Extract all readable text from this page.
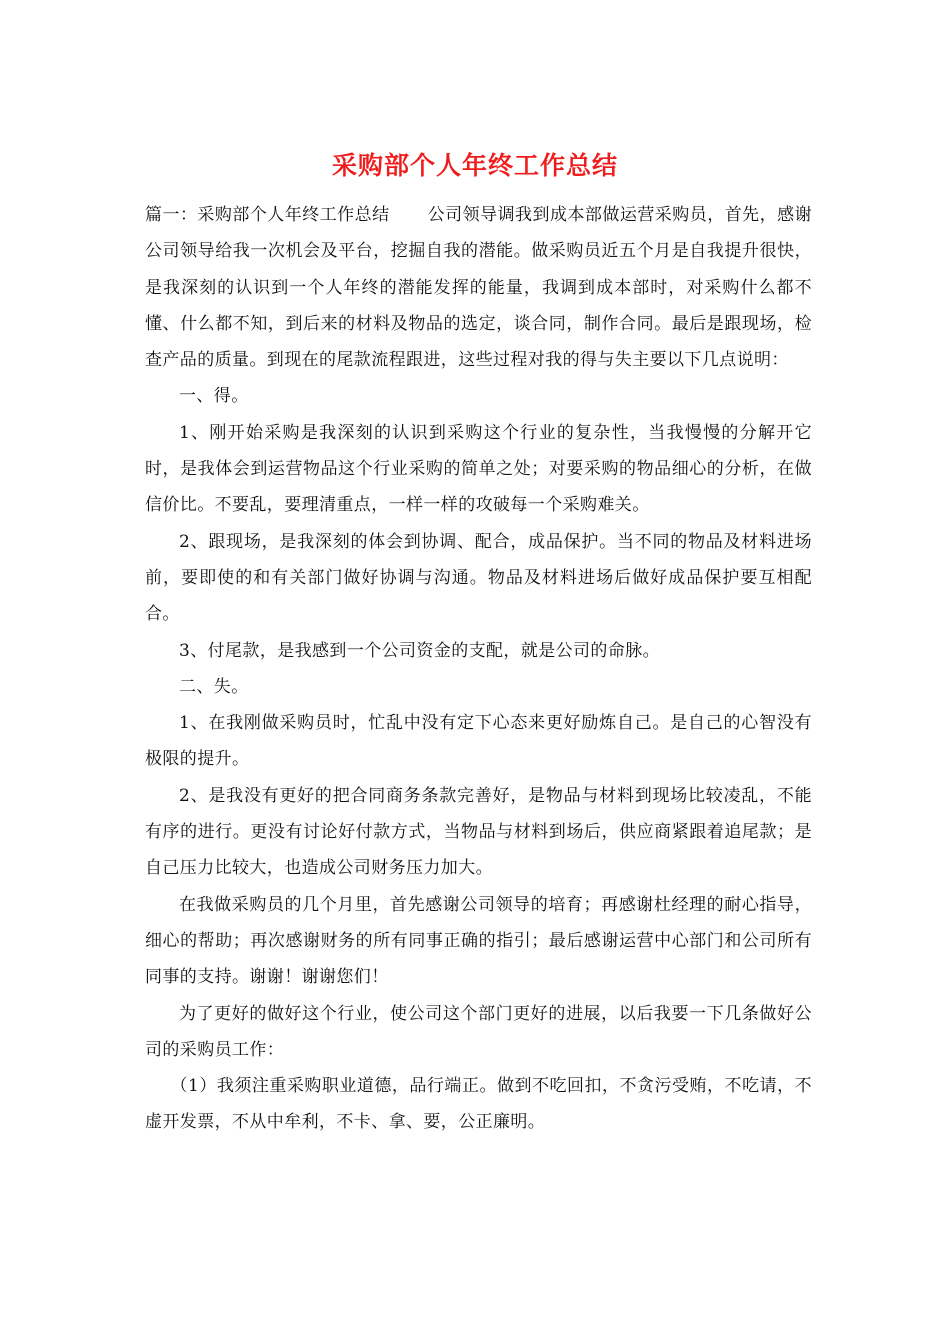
采购部个人年终工作总结

篇一：采购部个人年终工作总结 公司领导调我到成本部做运营采购员，首先，感谢公司领导给我一次机会及平台，挖掘自我的潜能。做采购员近五个月是自我提升很快，是我深刻的认识到一个人年终的潜能发挥的能量，我调到成本部时，对采购什么都不懂、什么都不知，到后来的材料及物品的选定，谈合同，制作合同。最后是跟现场，检查产品的质量。到现在的尾款流程跟进，这些过程对我的得与失主要以下几点说明：

一、得。

1、刚开始采购是我深刻的认识到采购这个行业的复杂性，当我慢慢的分解开它时，是我体会到运营物品这个行业采购的简单之处；对要采购的物品细心的分析，在做信价比。不要乱，要理清重点，一样一样的攻破每一个采购难关。

2、跟现场，是我深刻的体会到协调、配合，成品保护。当不同的物品及材料进场前，要即使的和有关部门做好协调与沟通。物品及材料进场后做好成品保护要互相配合。

3、付尾款，是我感到一个公司资金的支配，就是公司的命脉。

二、失。

1、在我刚做采购员时，忙乱中没有定下心态来更好励炼自己。是自己的心智没有极限的提升。

2、是我没有更好的把合同商务条款完善好，是物品与材料到现场比较凌乱，不能有序的进行。更没有讨论好付款方式，当物品与材料到场后，供应商紧跟着追尾款；是自己压力比较大，也造成公司财务压力加大。

在我做采购员的几个月里，首先感谢公司领导的培育；再感谢杜经理的耐心指导，细心的帮助；再次感谢财务的所有同事正确的指引；最后感谢运营中心部门和公司所有同事的支持。谢谢！谢谢您们！

为了更好的做好这个行业，使公司这个部门更好的进展，以后我要一下几条做好公司的采购员工作：

（1）我须注重采购职业道德，品行端正。做到不吃回扣，不贪污受贿，不吃请，不虚开发票，不从中牟利，不卡、拿、要，公正廉明。
